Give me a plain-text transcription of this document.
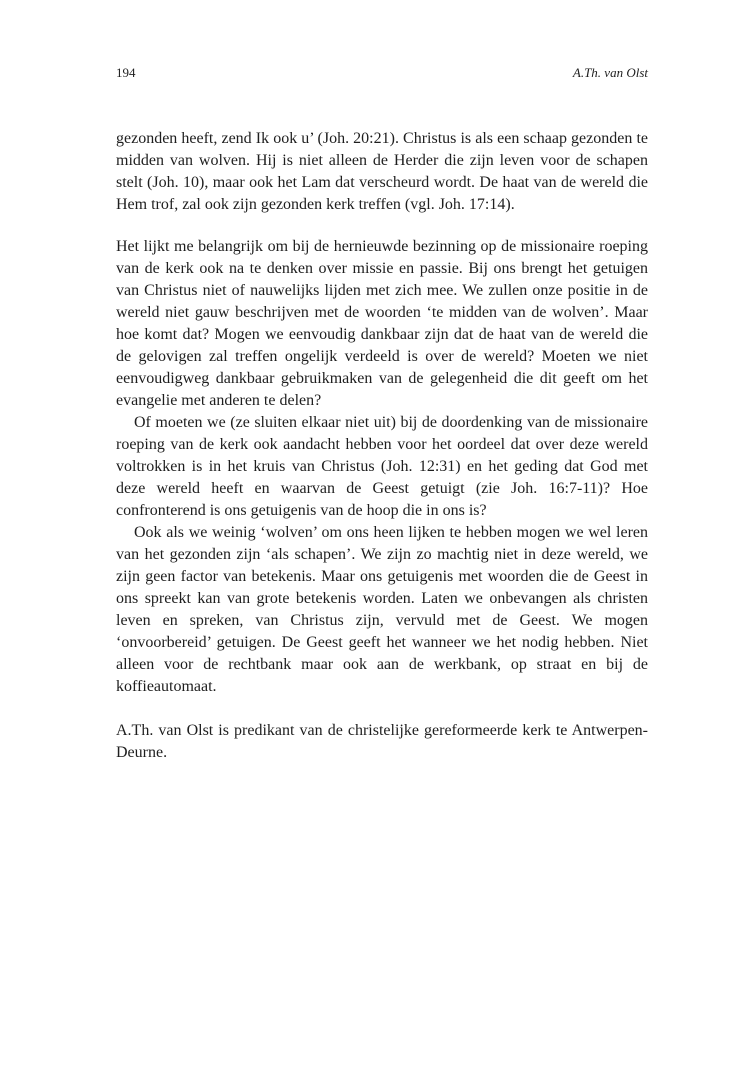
194	A.Th. van Olst

gezonden heeft, zend Ik ook u’ (Joh. 20:21). Christus is als een schaap gezonden te midden van wolven. Hij is niet alleen de Herder die zijn leven voor de schapen stelt (Joh. 10), maar ook het Lam dat verscheurd wordt. De haat van de wereld die Hem trof, zal ook zijn gezonden kerk treffen (vgl. Joh. 17:14).

Het lijkt me belangrijk om bij de hernieuwde bezinning op de missionaire roeping van de kerk ook na te denken over missie en passie. Bij ons brengt het getuigen van Christus niet of nauwelijks lijden met zich mee. We zullen onze positie in de wereld niet gauw beschrijven met de woorden ‘te midden van de wolven’. Maar hoe komt dat? Mogen we eenvoudig dankbaar zijn dat de haat van de wereld die de gelovigen zal treffen ongelijk verdeeld is over de wereld? Moeten we niet eenvoudigweg dankbaar gebruikmaken van de gelegenheid die dit geeft om het evangelie met anderen te delen?

Of moeten we (ze sluiten elkaar niet uit) bij de doordenking van de missionaire roeping van de kerk ook aandacht hebben voor het oordeel dat over deze wereld voltrokken is in het kruis van Christus (Joh. 12:31) en het geding dat God met deze wereld heeft en waarvan de Geest getuigt (zie Joh. 16:7-11)? Hoe confronterend is ons getuigenis van de hoop die in ons is?

Ook als we weinig ‘wolven’ om ons heen lijken te hebben mogen we wel leren van het gezonden zijn ‘als schapen’. We zijn zo machtig niet in deze wereld, we zijn geen factor van betekenis. Maar ons getuigenis met woorden die de Geest in ons spreekt kan van grote betekenis worden. Laten we onbevangen als christen leven en spreken, van Christus zijn, vervuld met de Geest. We mogen ‘onvoorbereid’ getuigen. De Geest geeft het wanneer we het nodig hebben. Niet alleen voor de rechtbank maar ook aan de werkbank, op straat en bij de koffieautomaat.

A.Th. van Olst is predikant van de christelijke gereformeerde kerk te Antwerpen-Deurne.
